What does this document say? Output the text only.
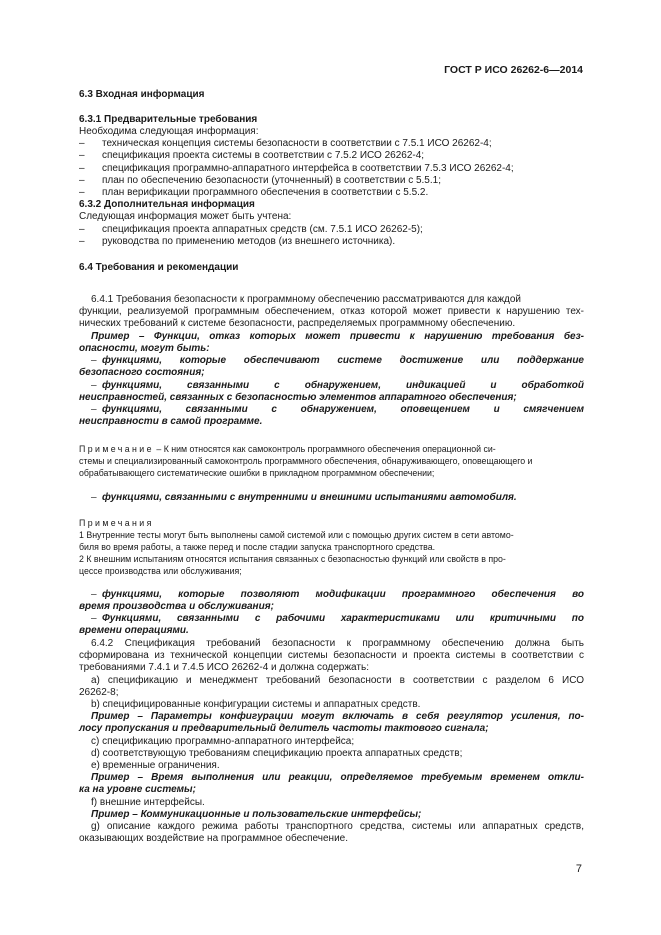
ГОСТ Р ИСО 26262-6—2014
6.3 Входная информация
6.3.1 Предварительные требования
Необходима следующая информация:
–	техническая концепция системы безопасности в соответствии с 7.5.1 ИСО 26262-4;
–	спецификация проекта системы в соответствии с 7.5.2 ИСО 26262-4;
–	спецификация программно-аппаратного интерфейса в соответствии 7.5.3 ИСО 26262-4;
–	план по обеспечению безопасности (уточненный) в соответствии с 5.5.1;
–	план верификации программного обеспечения в соответствии с 5.5.2.
6.3.2 Дополнительная информация
Следующая информация может быть учтена:
–	спецификация проекта аппаратных средств (см. 7.5.1 ИСО 26262-5);
–	руководства по применению методов (из внешнего источника).
6.4 Требования и рекомендации
6.4.1 Требования безопасности к программному обеспечению рассматриваются для каждой
функции, реализуемой программным обеспечением, отказ которой может привести к нарушению тех-
нических требований к системе безопасности, распределяемых программному обеспечению.
Пример – Функции, отказ которых может привести к нарушению требования без-
опасности, могут быть:
– функциями, которые обеспечивают системе достижение или поддержание
безопасного состояния;
– функциями, связанными с обнаружением, индикацией и обработкой
неисправностей, связанных с безопасностью элементов аппаратного обеспечения;
– функциями, связанными с обнаружением, оповещением и смягчением
неисправности в самой программе.
Примечание – К ним относятся как самоконтроль программного обеспечения операционной си-
стемы и специализированный самоконтроль программного обеспечения, обнаруживающего, оповещающего и
обрабатывающего систематические ошибки в прикладном программном обеспечении;
– функциями, связанными с внутренними и внешними испытаниями автомобиля.
Примечания
1 Внутренние тесты могут быть выполнены самой системой или с помощью других систем в сети автомо-
биля во время работы, а также перед и после стадии запуска транспортного средства.
2 К внешним испытаниям относятся испытания связанных с безопасностью функций или свойств в про-
цессе производства или обслуживания;
– функциями, которые позволяют модификации программного обеспечения во
время производства и обслуживания;
– Функциями, связанными с рабочими характеристиками или критичными по
времени операциями.
6.4.2 Спецификация требований безопасности к программному обеспечению должна быть
сформирована из технической концепции системы безопасности и проекта системы в соответствии с
требованиями 7.4.1 и 7.4.5 ИСО 26262-4 и должна содержать:
а) спецификацию и менеджмент требований безопасности в соответствии с разделом 6 ИСО
26262-8;
b) специфицированные конфигурации системы и аппаратных средств.
Пример – Параметры конфигурации могут включать в себя регулятор усиления, по-
лосу пропускания и предварительный делитель частоты тактового сигнала;
с) спецификацию программно-аппаратного интерфейса;
d) соответствующую требованиям спецификацию проекта аппаратных средств;
е) временные ограничения.
Пример – Время выполнения или реакции, определяемое требуемым временем откли-
ка на уровне системы;
f) внешние интерфейсы.
Пример – Коммуникационные и пользовательские интерфейсы;
g) описание каждого режима работы транспортного средства, системы или аппаратных средств,
оказывающих воздействие на программное обеспечение.
7
